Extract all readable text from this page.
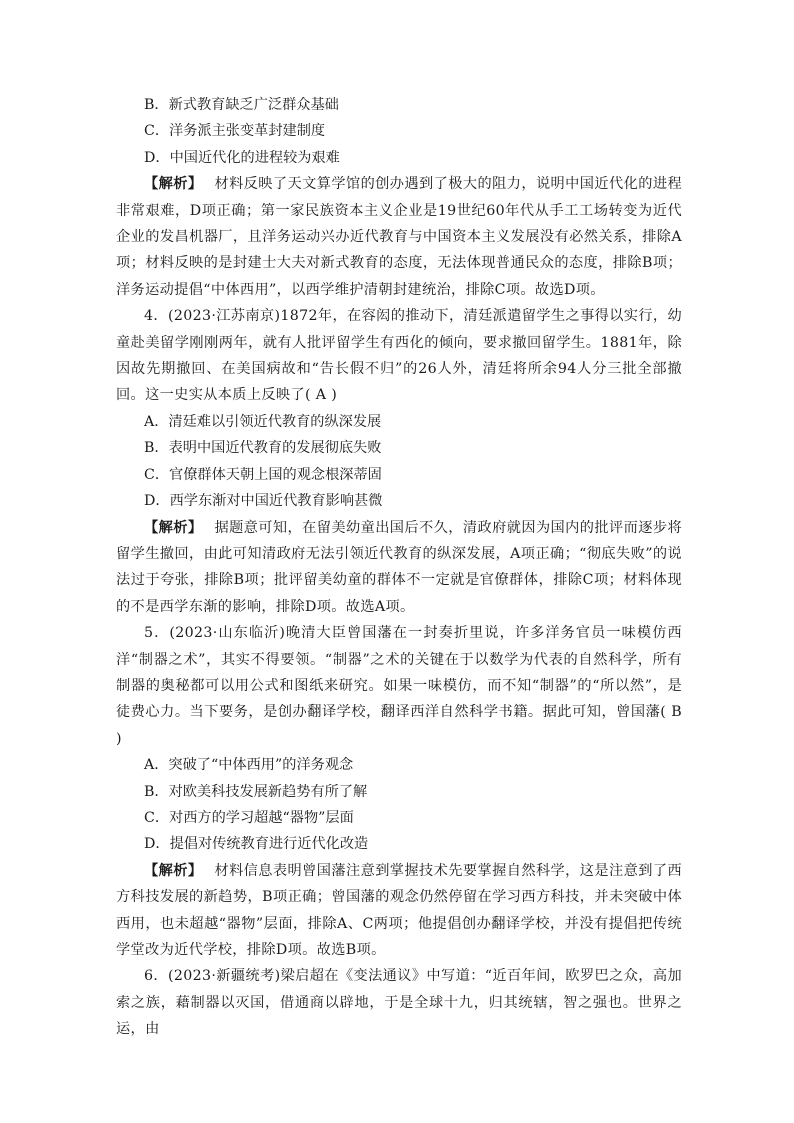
B．新式教育缺乏广泛群众基础

C．洋务派主张变革封建制度

D．中国近代化的进程较为艰难

【解析】 材料反映了天文算学馆的创办遇到了极大的阻力，说明中国近代化的进程非常艰难，D项正确；第一家民族资本主义企业是19世纪60年代从手工工场转变为近代企业的发昌机器厂，且洋务运动兴办近代教育与中国资本主义发展没有必然关系，排除A项；材料反映的是封建士大夫对新式教育的态度，无法体现普通民众的态度，排除B项；洋务运动提倡“中体西用”，以西学维护清朝封建统治，排除C项。故选D项。

4．(2023·江苏南京)1872年，在容闳的推动下，清廷派遣留学生之事得以实行，幼童赴美留学刚刚两年，就有人批评留学生有西化的倾向，要求撤回留学生。1881年，除因故先期撤回、在美国病故和“告长假不归”的26人外，清廷将所余94人分三批全部撤回。这一史实从本质上反映了( A )

A．清廷难以引领近代教育的纵深发展

B．表明中国近代教育的发展彻底失败

C．官僚群体天朝上国的观念根深蒂固

D．西学东渐对中国近代教育影响甚微

【解析】 据题意可知，在留美幼童出国后不久，清政府就因为国内的批评而逐步将留学生撤回，由此可知清政府无法引领近代教育的纵深发展，A项正确；“彻底失败”的说法过于夸张，排除B项；批评留美幼童的群体不一定就是官僚群体，排除C项；材料体现的不是西学东渐的影响，排除D项。故选A项。

5．(2023·山东临沂)晚清大臣曾国藩在一封奏折里说，许多洋务官员一味模仿西洋“制器之术”，其实不得要领。“制器”之术的关键在于以数学为代表的自然科学，所有制器的奥秘都可以用公式和图纸来研究。如果一味模仿，而不知“制器”的“所以然”，是徒费心力。当下要务，是创办翻译学校，翻译西洋自然科学书籍。据此可知，曾国藩( B )

A．突破了“中体西用”的洋务观念

B．对欧美科技发展新趋势有所了解

C．对西方的学习超越“器物”层面

D．提倡对传统教育进行近代化改造

【解析】 材料信息表明曾国藩注意到掌握技术先要掌握自然科学，这是注意到了西方科技发展的新趋势，B项正确；曾国藩的观念仍然停留在学习西方科技，并未突破中体西用，也未超越“器物”层面，排除A、C两项；他提倡创办翻译学校，并没有提倡把传统学堂改为近代学校，排除D项。故选B项。

6．(2023·新疆统考)梁启超在《变法通议》中写道：“近百年间，欧罗巴之众，高加索之族，藉制器以灭国，借通商以辟地，于是全球十九，归其统辖，智之强也。世界之运，由
